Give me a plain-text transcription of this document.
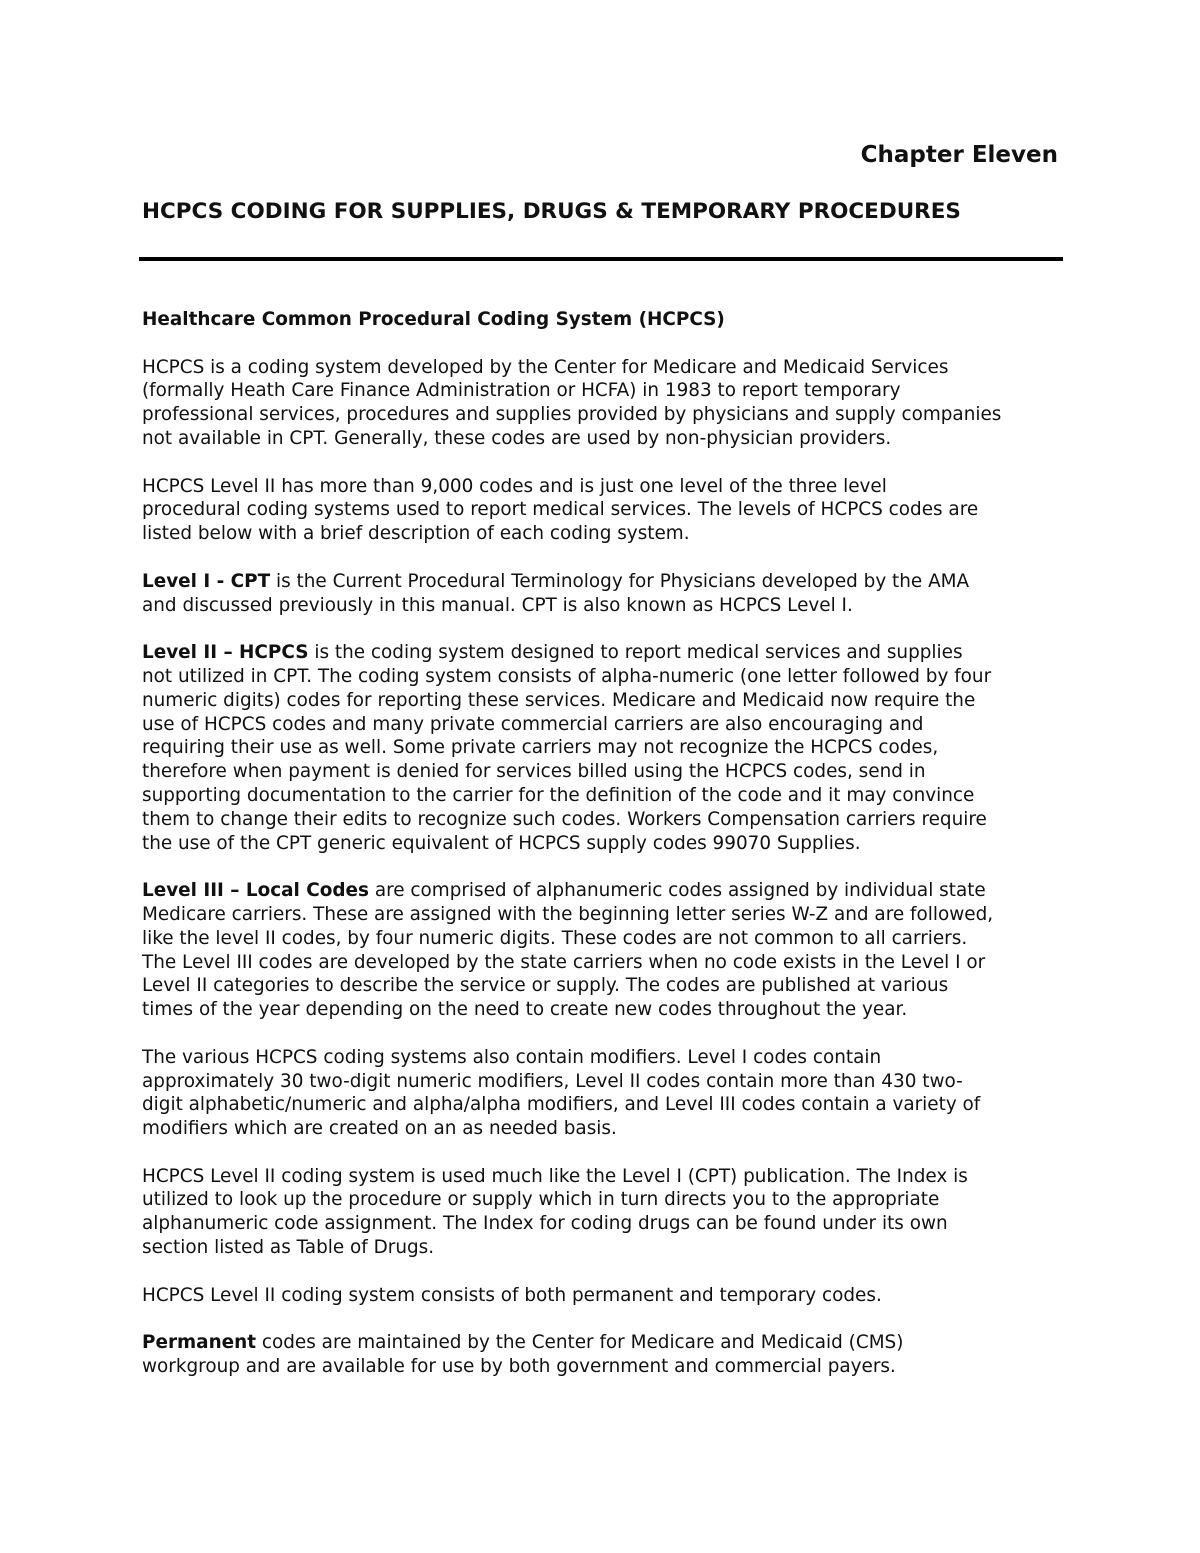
Chapter Eleven
HCPCS CODING FOR SUPPLIES, DRUGS & TEMPORARY PROCEDURES

Healthcare Common Procedural Coding System (HCPCS)

HCPCS is a coding system developed by the Center for Medicare and Medicaid Services
(formally Heath Care Finance Administration or HCFA) in 1983 to report temporary
professional services, procedures and supplies provided by physicians and supply companies
not available in CPT. Generally, these codes are used by non-physician providers.

HCPCS Level II has more than 9,000 codes and is just one level of the three level
procedural coding systems used to report medical services. The levels of HCPCS codes are
listed below with a brief description of each coding system.

Level I - CPT is the Current Procedural Terminology for Physicians developed by the AMA
and discussed previously in this manual. CPT is also known as HCPCS Level I.

Level II – HCPCS is the coding system designed to report medical services and supplies
not utilized in CPT. The coding system consists of alpha-numeric (one letter followed by four
numeric digits) codes for reporting these services. Medicare and Medicaid now require the
use of HCPCS codes and many private commercial carriers are also encouraging and
requiring their use as well. Some private carriers may not recognize the HCPCS codes,
therefore when payment is denied for services billed using the HCPCS codes, send in
supporting documentation to the carrier for the definition of the code and it may convince
them to change their edits to recognize such codes. Workers Compensation carriers require
the use of the CPT generic equivalent of HCPCS supply codes 99070 Supplies.

Level III – Local Codes are comprised of alphanumeric codes assigned by individual state
Medicare carriers. These are assigned with the beginning letter series W-Z and are followed,
like the level II codes, by four numeric digits. These codes are not common to all carriers.
The Level III codes are developed by the state carriers when no code exists in the Level I or
Level II categories to describe the service or supply. The codes are published at various
times of the year depending on the need to create new codes throughout the year.

The various HCPCS coding systems also contain modifiers. Level I codes contain
approximately 30 two-digit numeric modifiers, Level II codes contain more than 430 two-
digit alphabetic/numeric and alpha/alpha modifiers, and Level III codes contain a variety of
modifiers which are created on an as needed basis.

HCPCS Level II coding system is used much like the Level I (CPT) publication. The Index is
utilized to look up the procedure or supply which in turn directs you to the appropriate
alphanumeric code assignment. The Index for coding drugs can be found under its own
section listed as Table of Drugs.

HCPCS Level II coding system consists of both permanent and temporary codes.

Permanent codes are maintained by the Center for Medicare and Medicaid (CMS)
workgroup and are available for use by both government and commercial payers.
